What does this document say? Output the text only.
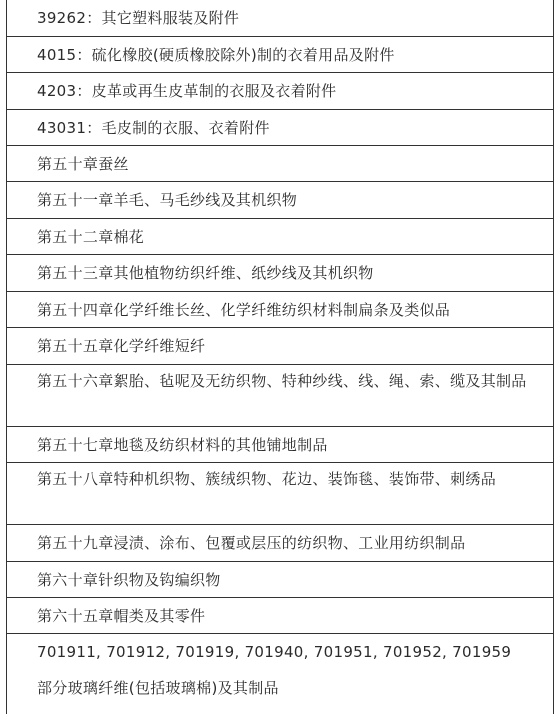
39262：其它塑料服装及附件
4015：硫化橡胶(硬质橡胶除外)制的衣着用品及附件
4203：皮革或再生皮革制的衣服及衣着附件
43031：毛皮制的衣服、衣着附件
第五十章蚕丝
第五十一章羊毛、马毛纱线及其机织物
第五十二章棉花
第五十三章其他植物纺织纤维、纸纱线及其机织物
第五十四章化学纤维长丝、化学纤维纺织材料制扁条及类似品
第五十五章化学纤维短纤
第五十六章絮胎、毡呢及无纺织物、特种纱线、线、绳、索、缆及其制品
第五十七章地毯及纺织材料的其他铺地制品
第五十八章特种机织物、簇绒织物、花边、装饰毯、装饰带、刺绣品
第五十九章浸渍、涂布、包覆或层压的纺织物、工业用纺织制品
第六十章针织物及钩编织物
第六十五章帽类及其零件
701911, 701912, 701919, 701940, 701951, 701952, 701959
部分玻璃纤维(包括玻璃棉)及其制品
